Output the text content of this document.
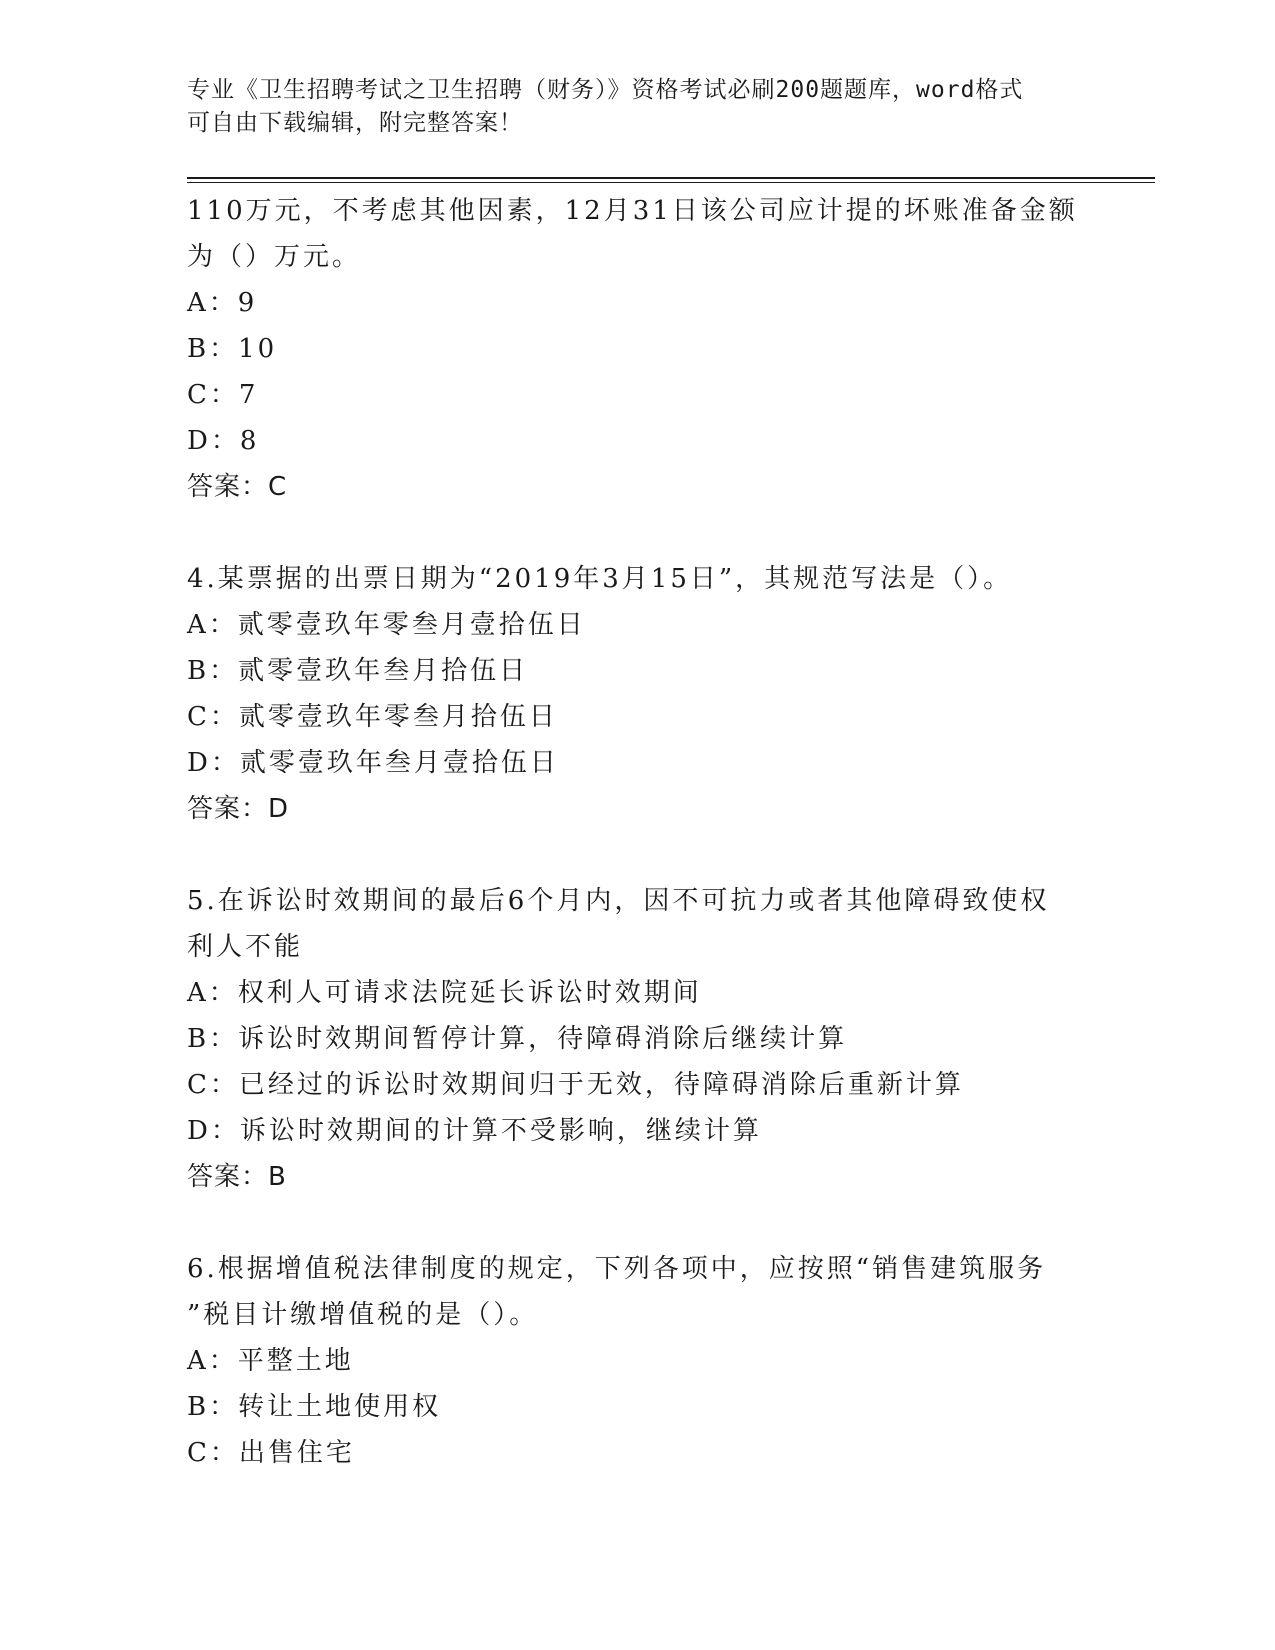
专业《卫生招聘考试之卫生招聘（财务）》资格考试必刷200题题库，word格式
可自由下载编辑，附完整答案！
110万元，不考虑其他因素，12月31日该公司应计提的坏账准备金额
为（）万元。
A：9
B：10
C：7
D：8
答案：C
4.某票据的出票日期为“2019年3月15日”，其规范写法是（）。
A：贰零壹玖年零叁月壹拾伍日
B：贰零壹玖年叁月拾伍日
C：贰零壹玖年零叁月拾伍日
D：贰零壹玖年叁月壹拾伍日
答案：D
5.在诉讼时效期间的最后6个月内，因不可抗力或者其他障碍致使权
利人不能
A：权利人可请求法院延长诉讼时效期间
B：诉讼时效期间暂停计算，待障碍消除后继续计算
C：已经过的诉讼时效期间归于无效，待障碍消除后重新计算
D：诉讼时效期间的计算不受影响，继续计算
答案：B
6.根据增值税法律制度的规定，下列各项中，应按照“销售建筑服务
”税目计缴增值税的是（）。
A：平整土地
B：转让土地使用权
C：出售住宅
